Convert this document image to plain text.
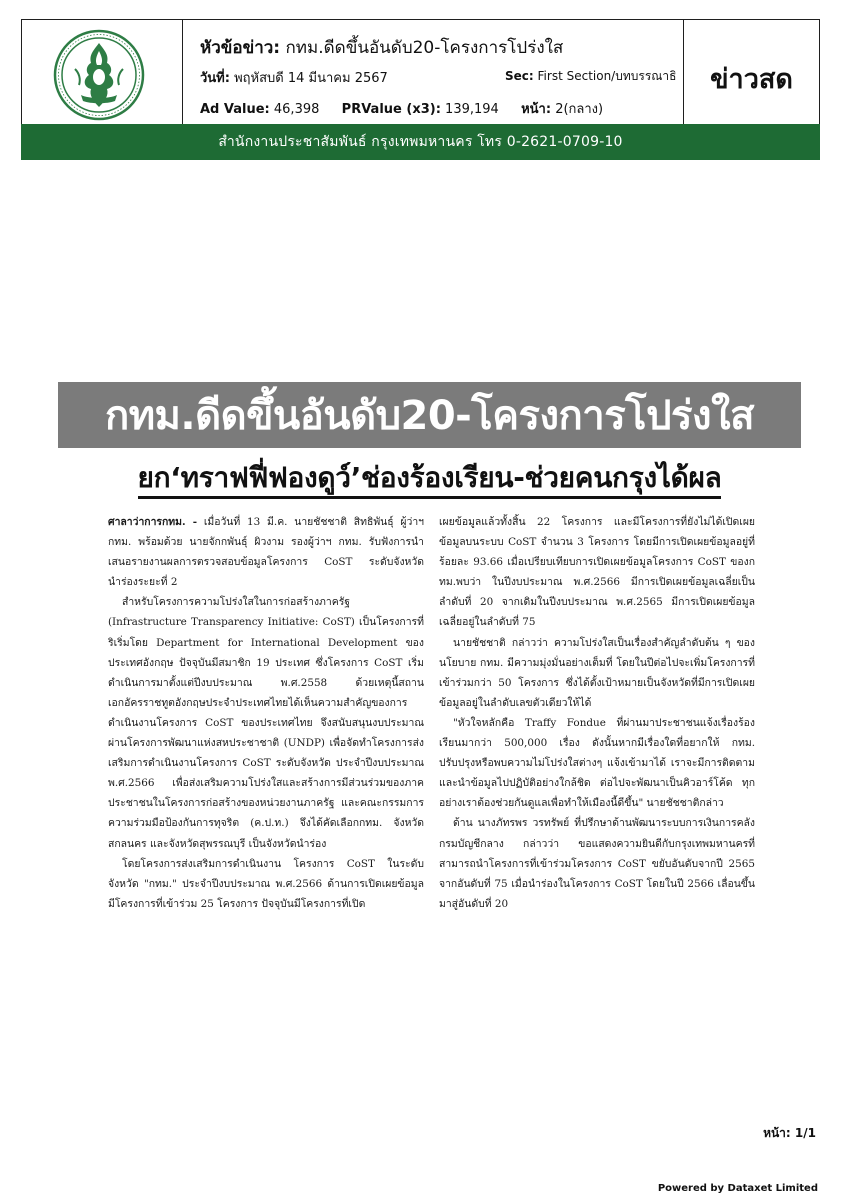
หัวข้อข่าว: กทม.ดีดขึ้นอันดับ20-โครงการโปร่งใส
วันที่: พฤหัสบดี 14 มีนาคม 2567	Sec: First Section/บทบรรณาธิ
Ad Value: 46,398 PRValue (x3): 139,194 หน้า: 2(กลาง)
ข่าวสด
สำนักงานประชาสัมพันธ์ กรุงเทพมหานคร โทร 0-2621-0709-10
กทม.ดีดขึ้นอันดับ20-โครงการโปร่งใส
ยก‘ทราฟฟี่ฟองดูว์’ช่องร้องเรียน-ช่วยคนกรุงได้ผล

ศาลาว่าการกทม. - เมื่อวันที่ 13 มี.ค. นายชัชชาติ สิทธิพันธุ์ ผู้ว่าฯ กทม. พร้อมด้วย นายจักกพันธุ์ ผิวงาม รองผู้ว่าฯ กทม. รับฟังการนำเสนอรายงานผลการตรวจสอบข้อมูลโครงการ CoST ระดับจังหวัด นำร่องระยะที่ 2

สำหรับโครงการความโปร่งใสในการก่อสร้างภาครัฐ (Infrastructure Transparency Initiative: CoST) เป็นโครงการที่ริเริ่มโดย Department for International Development ของประเทศอังกฤษ ปัจจุบันมีสมาชิก 19 ประเทศ ซึ่งโครงการ CoST เริ่มดำเนินการมาตั้งแต่ปีงบประมาณ พ.ศ.2558 ด้วยเหตุนี้สถานเอกอัครราชทูตอังกฤษประจำประเทศไทยได้เห็นความสำคัญของการดำเนินงานโครงการ CoST ของประเทศไทย จึงสนับสนุนงบประมาณผ่านโครงการพัฒนาแห่งสหประชาชาติ (UNDP) เพื่อจัดทำโครงการส่งเสริมการดำเนินงานโครงการ CoST ระดับจังหวัด ประจำปีงบประมาณ พ.ศ.2566 เพื่อส่งเสริมความโปร่งใสและสร้างการมีส่วนร่วมของภาคประชาชนในโครงการก่อสร้างของหน่วยงานภาครัฐ และคณะกรรมการความร่วมมือป้องกันการทุจริต (ค.ป.ท.) จึงได้คัดเลือกกทม. จังหวัดสกลนคร และจังหวัดสุพรรณบุรี เป็นจังหวัดนำร่อง

โดยโครงการส่งเสริมการดำเนินงาน โครงการ CoST ในระดับจังหวัด "กทม." ประจำปีงบประมาณ พ.ศ.2566 ด้านการเปิดเผยข้อมูล มีโครงการที่เข้าร่วม 25 โครงการ ปัจจุบันมีโครงการที่เปิด

เผยข้อมูลแล้วทั้งสิ้น 22 โครงการ และมีโครงการที่ยังไม่ได้เปิดเผยข้อมูลบนระบบ CoST จำนวน 3 โครงการ โดยมีการเปิดเผยข้อมูลอยู่ที่ร้อยละ 93.66 เมื่อเปรียบเทียบการเปิดเผยข้อมูลโครงการ CoST ของกทม.พบว่า ในปีงบประมาณ พ.ศ.2566 มีการเปิดเผยข้อมูลเฉลี่ยเป็นลำดับที่ 20 จากเดิมในปีงบประมาณ พ.ศ.2565 มีการเปิดเผยข้อมูลเฉลี่ยอยู่ในลำดับที่ 75

นายชัชชาติ กล่าวว่า ความโปร่งใสเป็นเรื่องสำคัญลำดับต้น ๆ ของนโยบาย กทม. มีความมุ่งมั่นอย่างเต็มที่ โดยในปีต่อไปจะเพิ่มโครงการที่เข้าร่วมกว่า 50 โครงการ ซึ่งได้ตั้งเป้าหมายเป็นจังหวัดที่มีการเปิดเผยข้อมูลอยู่ในลำดับเลขตัวเดียวให้ได้

"หัวใจหลักคือ Traffy Fondue ที่ผ่านมาประชาชนแจ้งเรื่องร้องเรียนมากว่า 500,000 เรื่อง ดังนั้นหากมีเรื่องใดที่อยากให้ กทม. ปรับปรุงหรือพบความไม่โปร่งใสต่างๆ แจ้งเข้ามาได้ เราจะมีการติดตามและนำข้อมูลไปปฏิบัติอย่างใกล้ชิด ต่อไปจะพัฒนาเป็นคิวอาร์โค้ด ทุกอย่างเราต้องช่วยกันดูแลเพื่อทำให้เมืองนี้ดีขึ้น" นายชัชชาติกล่าว

ด้าน นางภัทรพร วรทรัพย์ ที่ปรึกษาด้านพัฒนาระบบการเงินการคลัง กรมบัญชีกลาง กล่าวว่า ขอแสดงความยินดีกับกรุงเทพมหานครที่สามารถนำโครงการที่เข้าร่วมโครงการ CoST ขยับอันดับจากปี 2565 จากอันดับที่ 75 เมื่อนำร่องในโครงการ CoST โดยในปี 2566 เลื่อนขึ้นมาสู่อันดับที่ 20

หน้า: 1/1
Powered by Dataxet Limited
